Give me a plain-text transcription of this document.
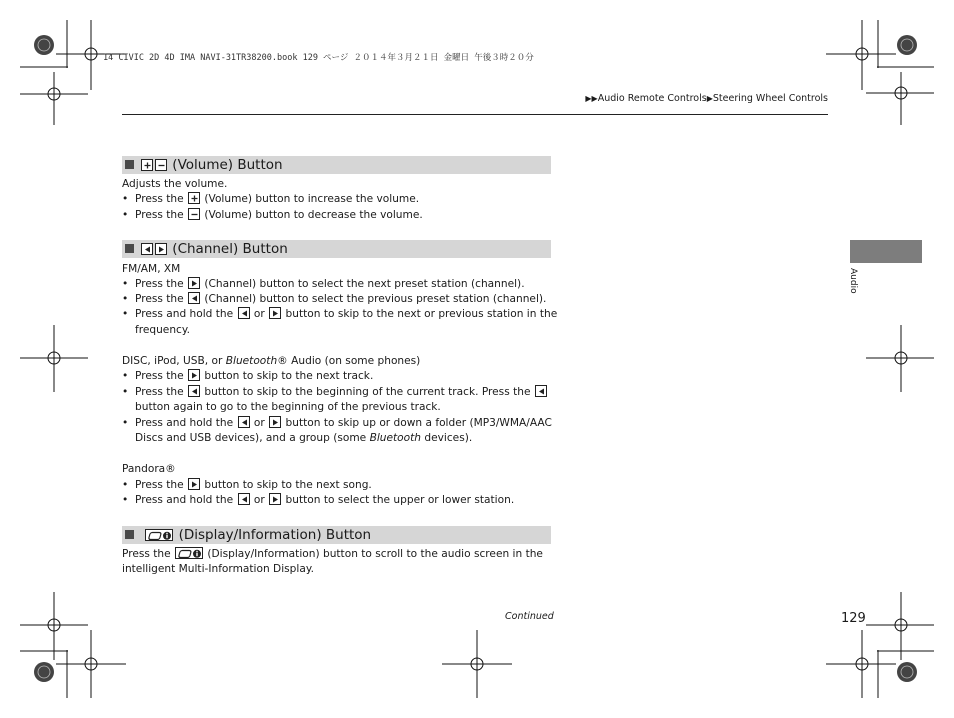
14 CIVIC 2D 4D IMA NAVI-31TR38200.book 129 ページ ２０１４年３月２１日 金曜日 午後３時２０分
▶▶Audio Remote Controls▶Steering Wheel Controls
Audio
(Volume) Button
Adjusts the volume.
• Press the (Volume) button to increase the volume.
• Press the (Volume) button to decrease the volume.
(Channel) Button
FM/AM, XM
• Press the (Channel) button to select the next preset station (channel).
• Press the (Channel) button to select the previous preset station (channel).
• Press and hold the or button to skip to the next or previous station in the
frequency.
DISC, iPod, USB, or Bluetooth® Audio (on some phones)
• Press the button to skip to the next track.
• Press the button to skip to the beginning of the current track. Press the
button again to go to the beginning of the previous track.
• Press and hold the or button to skip up or down a folder (MP3/WMA/AAC
Discs and USB devices), and a group (some Bluetooth devices).
Pandora®
• Press the button to skip to the next song.
• Press and hold the or button to select the upper or lower station.

(Display/Information) Button
Press the	(Display/Information) button to scroll to the audio screen in the
intelligent Multi-Information Display.
Continued	129
